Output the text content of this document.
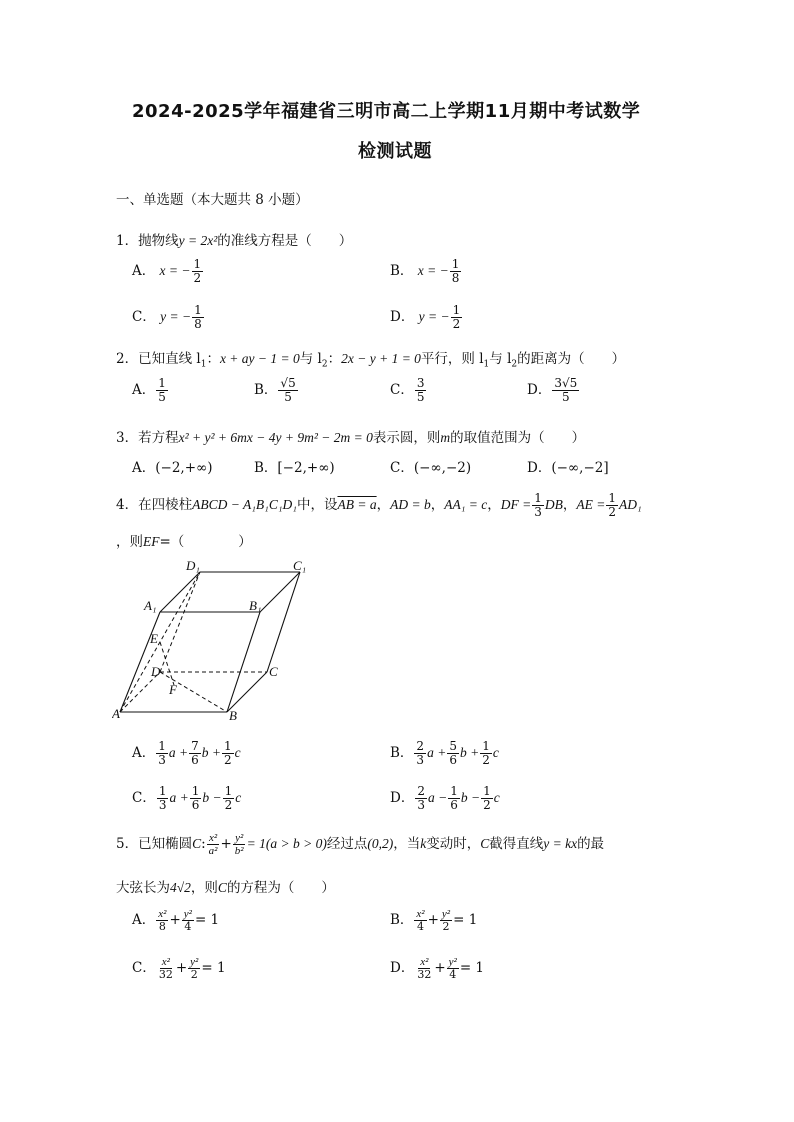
2024-2025学年福建省三明市高二上学期11月期中考试数学
检测试题
一、单选题（本大题共 8 小题）
1．抛物线y = 2x²的准线方程是（　　）
A． x = − $\frac{1}{2}$	B． x = − $\frac{1}{8}$
C． y = − $\frac{1}{8}$	D． y = − $\frac{1}{2}$
2．已知直线 $l_1$：x + ay − 1 = 0与 $l_2$：2x − y + 1 = 0平行，则 $l_1$与 $l_2$的距离为（　　）
A． $\frac{1}{5}$	B． $\frac{√5}{5}$	C． $\frac{3}{5}$	D． $\frac{3√5}{5}$
3．若方程x² + y² + 6mx − 4y + 9m² − 2m = 0表示圆，则m的取值范围为（　　）
A．(−2,+∞)	B．[−2,+∞)	C．(−∞,−2)	D．(−∞,−2]
4．在四棱柱ABCD − A₁B₁C₁D₁中，设AB = a，AD = b，AA₁ = c，DF = $\frac{1}{3}$ DB，AE = $\frac{1}{2} AD_1$
，则EF=（　　　　）
D₁	C₁
A₁	B₁
E
D	C
F
A	B
A． $\frac{1}{3}$ $a + \frac{7}{6}$ $b + \frac{1}{2}$ c	B． $\frac{2}{3}$ $a + \frac{5}{6}$ $b + \frac{1}{2}$ c
C． $\frac{1}{3}$ $a + \frac{1}{6}$ $b - \frac{1}{2}$ c	D． $\frac{2}{3}$ $a - \frac{1}{6}$ $b - \frac{1}{2}$ c
5．已知椭圆C: $\frac{\text{x²}}{\text{a²}} + \frac{\text{y²}}{\text{b²}} = 1(a > b > 0)$经过点(0,2)，当k变动时，C截得直线y = kx的最
大弦长为4√2，则C的方程为（　　）
A． $\frac{\text{x²}}{8} + \frac{\text{y²}}{4} = 1$	B． $\frac{\text{x²}}{4} + \frac{\text{y²}}{2} = 1$
C． $\frac{\text{x²}}{32} + \frac{\text{y²}}{2} = 1$	D． $\frac{\text{x²}}{32} + \frac{\text{y²}}{4} = 1$
